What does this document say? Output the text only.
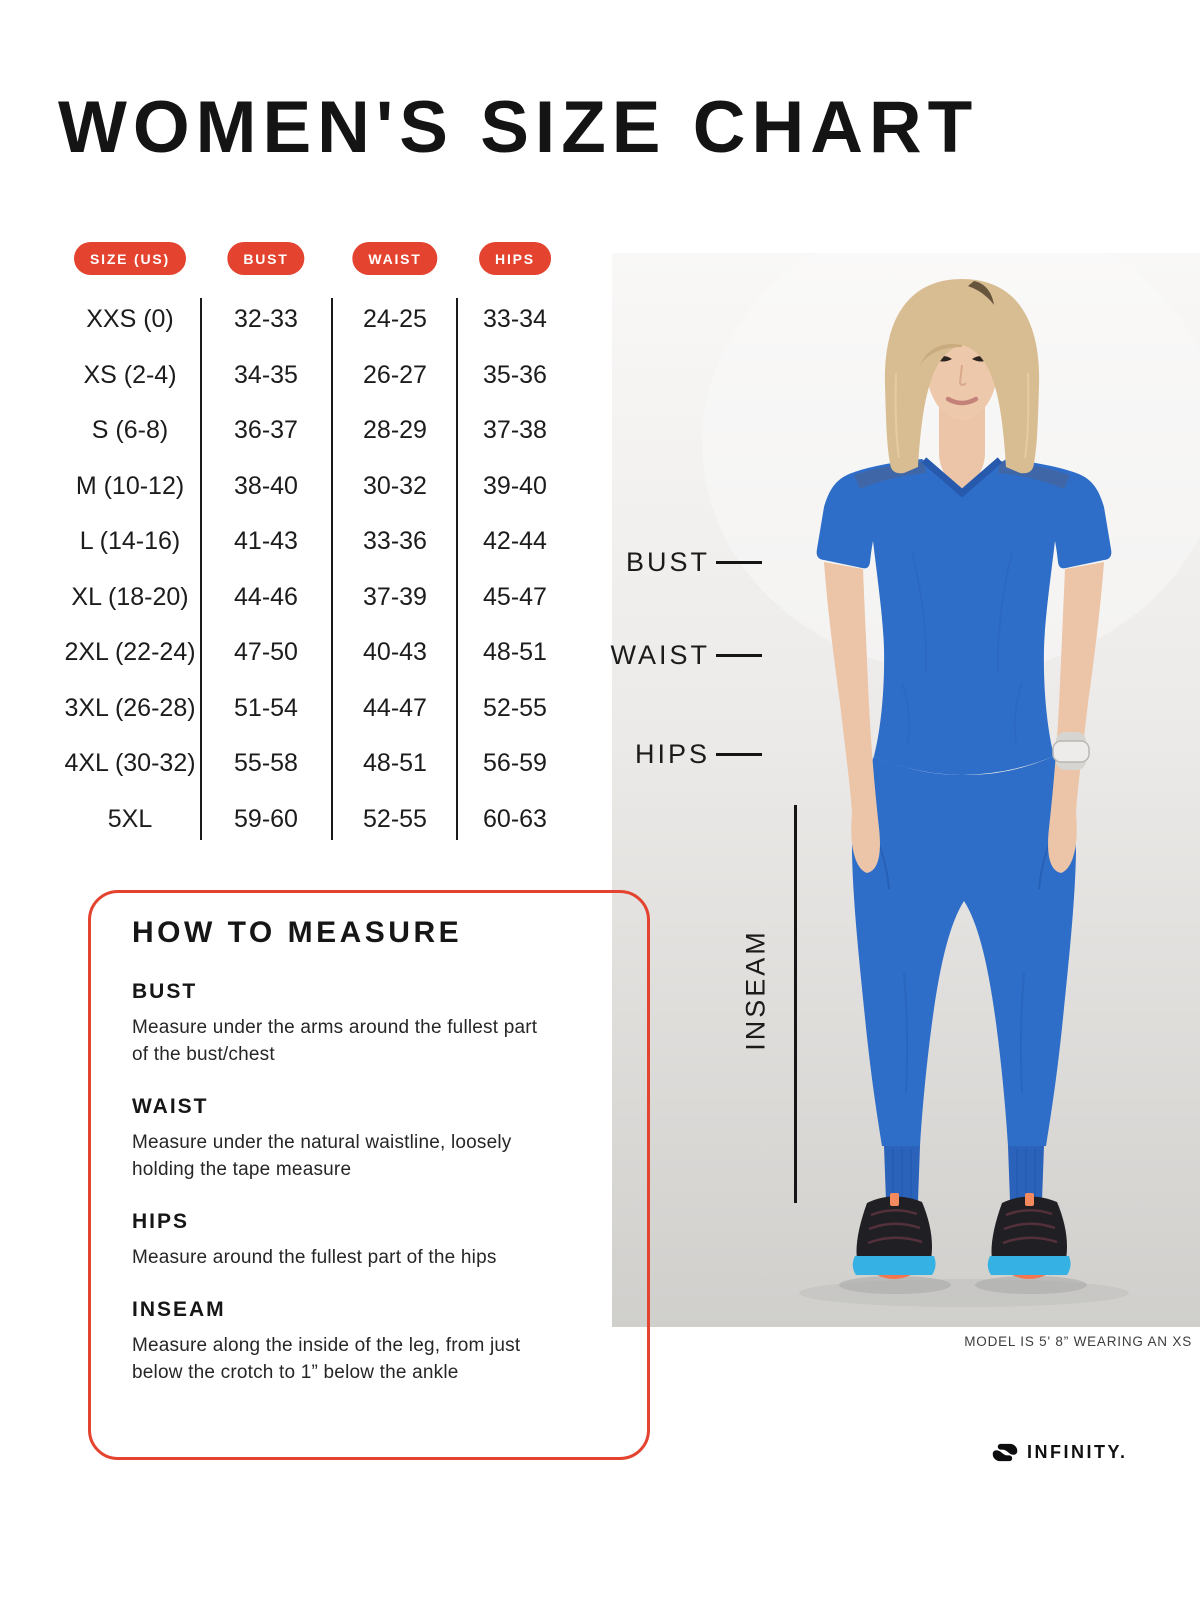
WOMEN'S SIZE CHART
BUST
WAIST
HIPS
INSEAM
SIZE (US)	BUST	WAIST	HIPS
XXS (0)	32-33	24-25	33-34
XS (2-4)	34-35	26-27	35-36
S (6-8)	36-37	28-29	37-38
M (10-12)	38-40	30-32	39-40
L (14-16)	41-43	33-36	42-44
XL (18-20)	44-46	37-39	45-47
2XL (22-24)	47-50	40-43	48-51
3XL (26-28)	51-54	44-47	52-55
4XL (30-32)	55-58	48-51	56-59
5XL	59-60	52-55	60-63
HOW TO MEASURE
BUST

Measure under the arms around the fullest part of the bust/chest

WAIST

Measure under the natural waistline, loosely holding the tape measure

HIPS

Measure around the fullest part of the hips

INSEAM

Measure along the inside of the leg, from just below the crotch to 1” below the ankle

MODEL IS 5' 8” WEARING AN XS
INFINITY.
